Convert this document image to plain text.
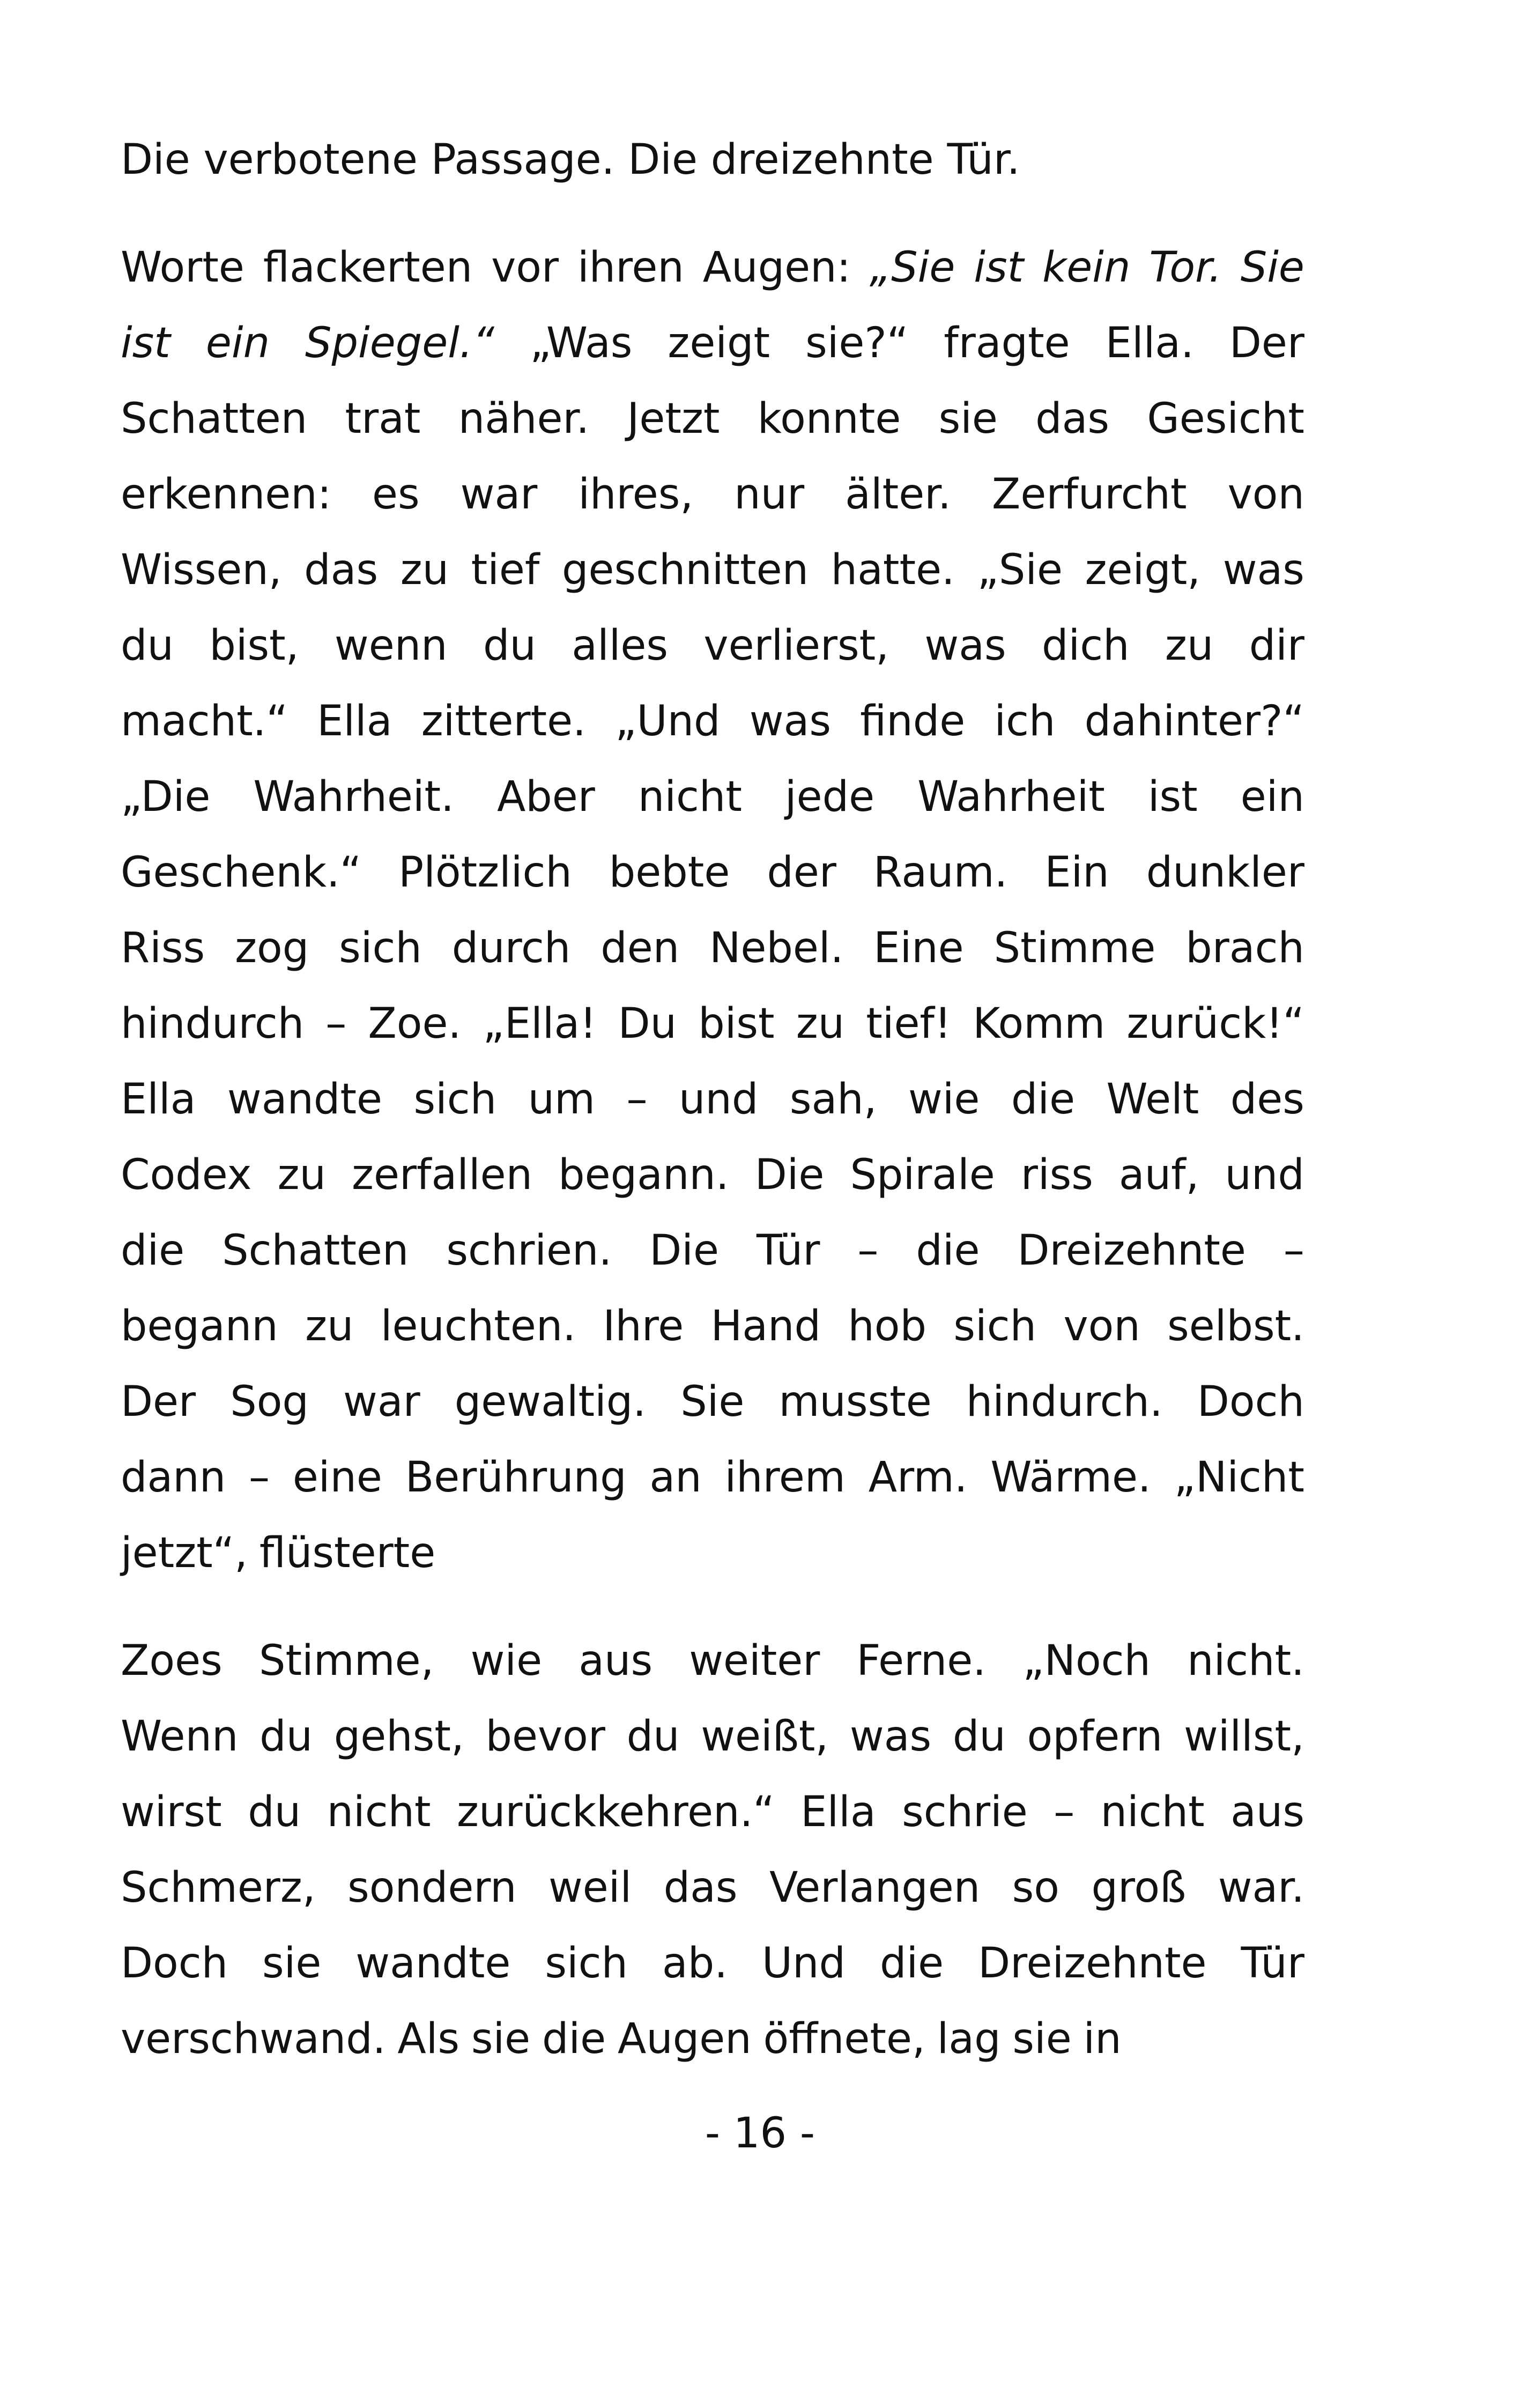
Die verbotene Passage. Die dreizehnte Tür.
Worte flackerten vor ihren Augen: „Sie ist kein Tor. Sie
ist ein Spiegel.“ „Was zeigt sie?“ fragte Ella. Der
Schatten trat näher. Jetzt konnte sie das Gesicht
erkennen: es war ihres, nur älter. Zerfurcht von
Wissen, das zu tief geschnitten hatte. „Sie zeigt, was
du bist, wenn du alles verlierst, was dich zu dir
macht.“ Ella zitterte. „Und was finde ich dahinter?“
„Die Wahrheit. Aber nicht jede Wahrheit ist ein
Geschenk.“ Plötzlich bebte der Raum. Ein dunkler
Riss zog sich durch den Nebel. Eine Stimme brach
hindurch – Zoe. „Ella! Du bist zu tief! Komm zurück!“
Ella wandte sich um – und sah, wie die Welt des
Codex zu zerfallen begann. Die Spirale riss auf, und
die Schatten schrien. Die Tür – die Dreizehnte –
begann zu leuchten. Ihre Hand hob sich von selbst.
Der Sog war gewaltig. Sie musste hindurch. Doch
dann – eine Berührung an ihrem Arm. Wärme. „Nicht
jetzt“, flüsterte
Zoes Stimme, wie aus weiter Ferne. „Noch nicht.
Wenn du gehst, bevor du weißt, was du opfern willst,
wirst du nicht zurückkehren.“ Ella schrie – nicht aus
Schmerz, sondern weil das Verlangen so groß war.
Doch sie wandte sich ab. Und die Dreizehnte Tür
verschwand. Als sie die Augen öffnete, lag sie in
- 16 -
